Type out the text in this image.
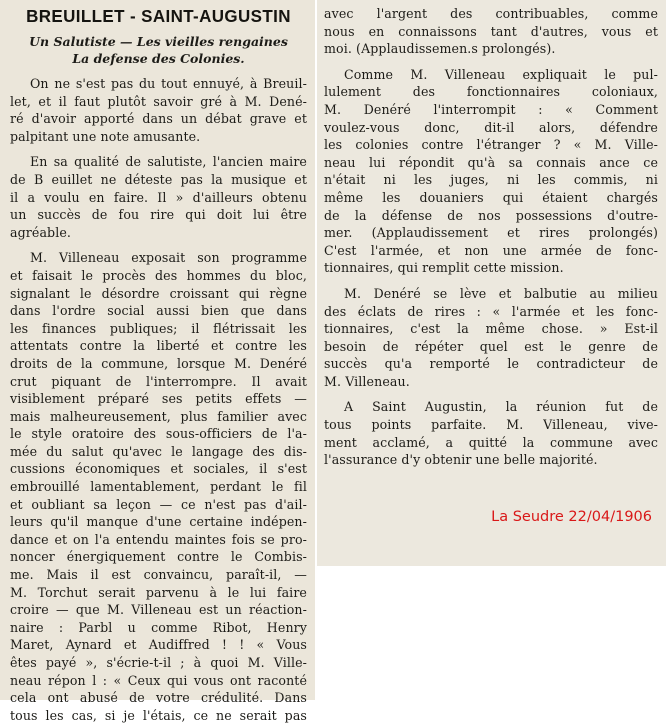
BREUILLET - SAINT-AUGUSTIN

Un Salutiste — Les vieilles rengaines

La defense des Colonies.

On ne s'est pas du tout ennuyé, à Breuil-
let, et il faut plutôt savoir gré à M. Dené-
ré d'avoir apporté dans un débat grave et
palpitant une note amusante.
En sa qualité de salutiste, l'ancien maire
de B euillet ne déteste pas la musique et
il a voulu en faire. Il » d'ailleurs obtenu
un succès de fou rire qui doit lui être
agréable.
M. Villeneau exposait son programme
et faisait le procès des hommes du bloc,
signalant le désordre croissant qui règne
dans l'ordre social aussi bien que dans
les finances publiques; il flétrissait les
attentats contre la liberté et contre les
droits de la commune, lorsque M. Denéré
crut piquant de l'interrompre. Il avait
visiblement préparé ses petits effets —
mais malheureusement, plus familier avec
le style oratoire des sous-officiers de l'a-
mée du salut qu'avec le langage des dis-
cussions économiques et sociales, il s'est
embrouillé lamentablement, perdant le fil
et oubliant sa leçon — ce n'est pas d'ail-
leurs qu'il manque d'une certaine indépen-
dance et on l'a entendu maintes fois se pro-
noncer énergiquement contre le Combis-
me. Mais il est convaincu, paraît-il, —
M. Torchut serait parvenu à le lui faire
croire — que M. Villeneau est un réaction-
naire : Parbl u comme Ribot, Henry
Maret, Aynard et Audiffred ! ! « Vous
êtes payé », s'écrie-t-il ; à quoi M. Ville-
neau répon l : « Ceux qui vous ont raconté
cela ont abusé de votre crédulité. Dans
tous les cas, si je l'étais, ce ne serait pas
avec l'argent des contribuables, comme
nous en connaissons tant d'autres, vous et
moi. (Applaudissemen.s prolongés).
Comme M. Villeneau expliquait le pul-
lulement des fonctionnaires coloniaux,
M. Denéré l'interrompit : « Comment
voulez-vous donc, dit-il alors, défendre
les colonies contre l'étranger ? « M. Ville-
neau lui répondit qu'à sa connais ance ce
n'était ni les juges, ni les commis, ni
même les douaniers qui étaient chargés
de la défense de nos possessions d'outre-
mer. (Applaudissement et rires prolongés)
C'est l'armée, et non une armée de fonc-
tionnaires, qui remplit cette mission.
M. Denéré se lève et balbutie au milieu
des éclats de rires : « l'armée et les fonc-
tionnaires, c'est la même chose. » Est-il
besoin de répéter quel est le genre de
succès qu'a remporté le contradicteur de
M. Villeneau.
A Saint Augustin, la réunion fut de
tous points parfaite. M. Villeneau, vive-
ment acclamé, a quitté la commune avec
l'assurance d'y obtenir une belle majorité.
La Seudre 22/04/1906
